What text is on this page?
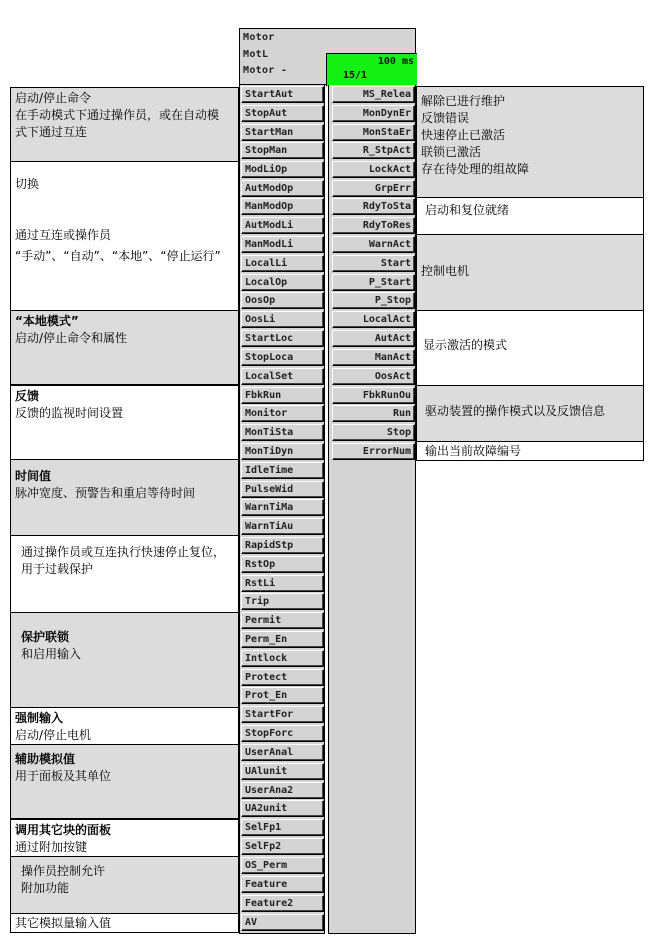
Motor
MotL
Motor -
100 ms
15/1
StartAut
StopAut
StartMan
StopMan
ModLiOp
AutModOp
ManModOp
AutModLi
ManModLi
LocalLi
LocalOp
OosOp
OosLi
StartLoc
StopLoca
LocalSet
FbkRun
Monitor
MonTiSta
MonTiDyn
IdleTime
PulseWid
WarnTiMa
WarnTiAu
RapidStp
RstOp
RstLi
Trip
Permit
Perm_En
Intlock
Protect
Prot_En
StartFor
StopForc
UserAnal
UAlunit
UserAna2
UA2unit
SelFp1
SelFp2
OS_Perm
Feature
Feature2
AV
MS_Relea
MonDynEr
MonStaEr
R_StpAct
LockAct
GrpErr
RdyToSta
RdyToRes
WarnAct
Start
P_Start
P_Stop
LocalAct
AutAct
ManAct
OosAct
FbkRunOu
Run
Stop
ErrorNum
启动/停止命令
在手动模式下通过操作员，或在自动模
式下通过互连
切换
通过互连或操作员
“手动”、“自动”、“本地”、“停止运行”
“本地模式”
启动/停止命令和属性
反馈
反馈的监视时间设置
时间值
脉冲宽度、预警告和重启等待时间
通过操作员或互连执行快速停止复位，
用于过载保护
保护联锁
和启用输入
强制输入
启动/停止电机
辅助模拟值
用于面板及其单位
调用其它块的面板
通过附加按键
操作员控制允许
附加功能
其它模拟量输入值
解除已进行维护
反馈错误
快速停止已激活
联锁已激活
存在待处理的组故障
启动和复位就绪
控制电机
显示激活的模式
驱动装置的操作模式以及反馈信息
输出当前故障编号
